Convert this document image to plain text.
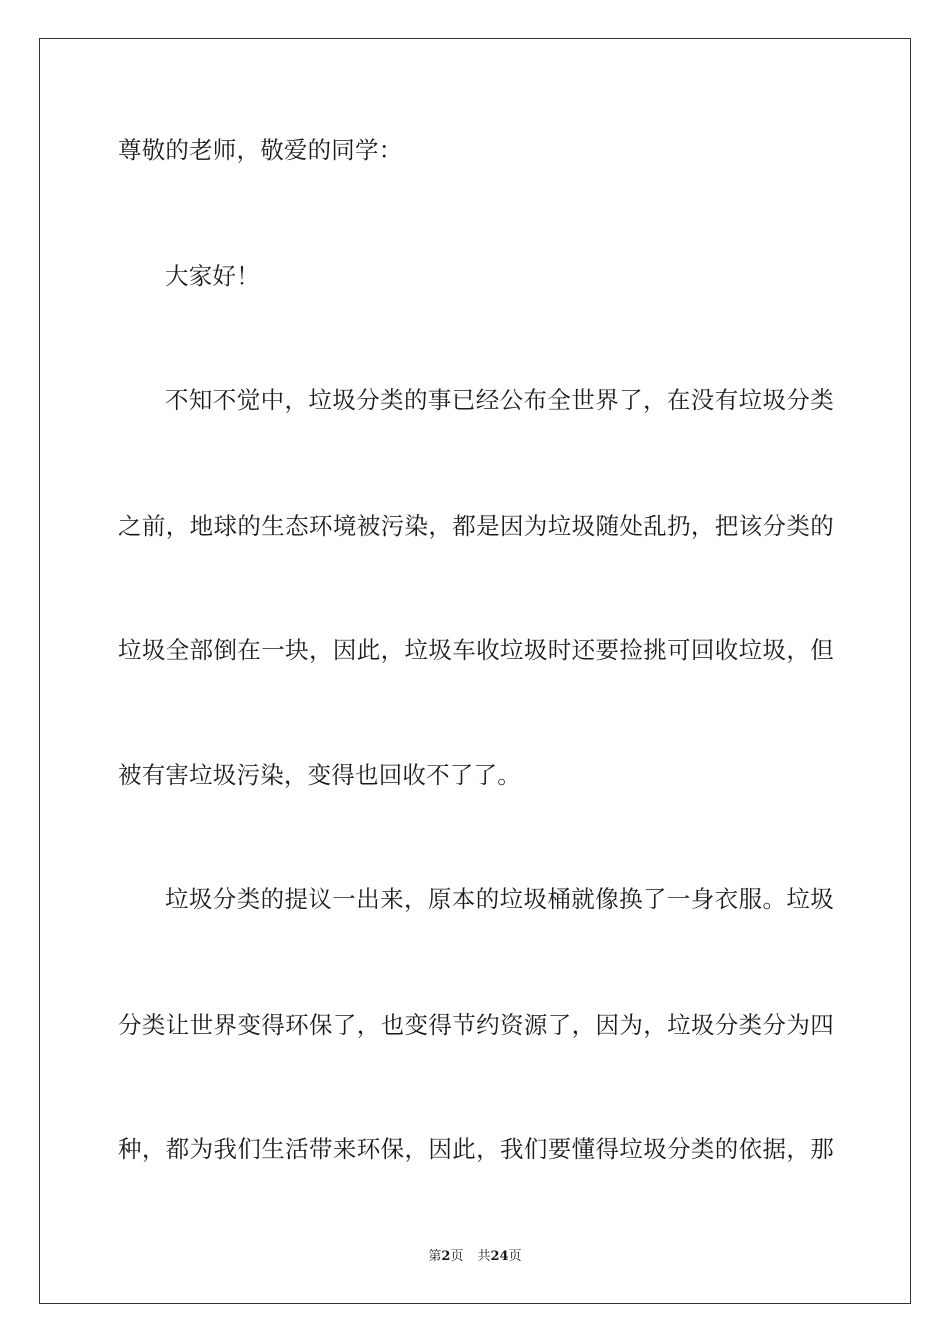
尊敬的老师，敬爱的同学：
大家好！
不知不觉中，垃圾分类的事已经公布全世界了，在没有垃圾分类
之前，地球的生态环境被污染，都是因为垃圾随处乱扔，把该分类的
垃圾全部倒在一块，因此，垃圾车收垃圾时还要捡挑可回收垃圾，但
被有害垃圾污染，变得也回收不了了。
垃圾分类的提议一出来，原本的垃圾桶就像换了一身衣服。垃圾
分类让世界变得环保了，也变得节约资源了，因为，垃圾分类分为四
种，都为我们生活带来环保，因此，我们要懂得垃圾分类的依据，那
第2页 共24页
